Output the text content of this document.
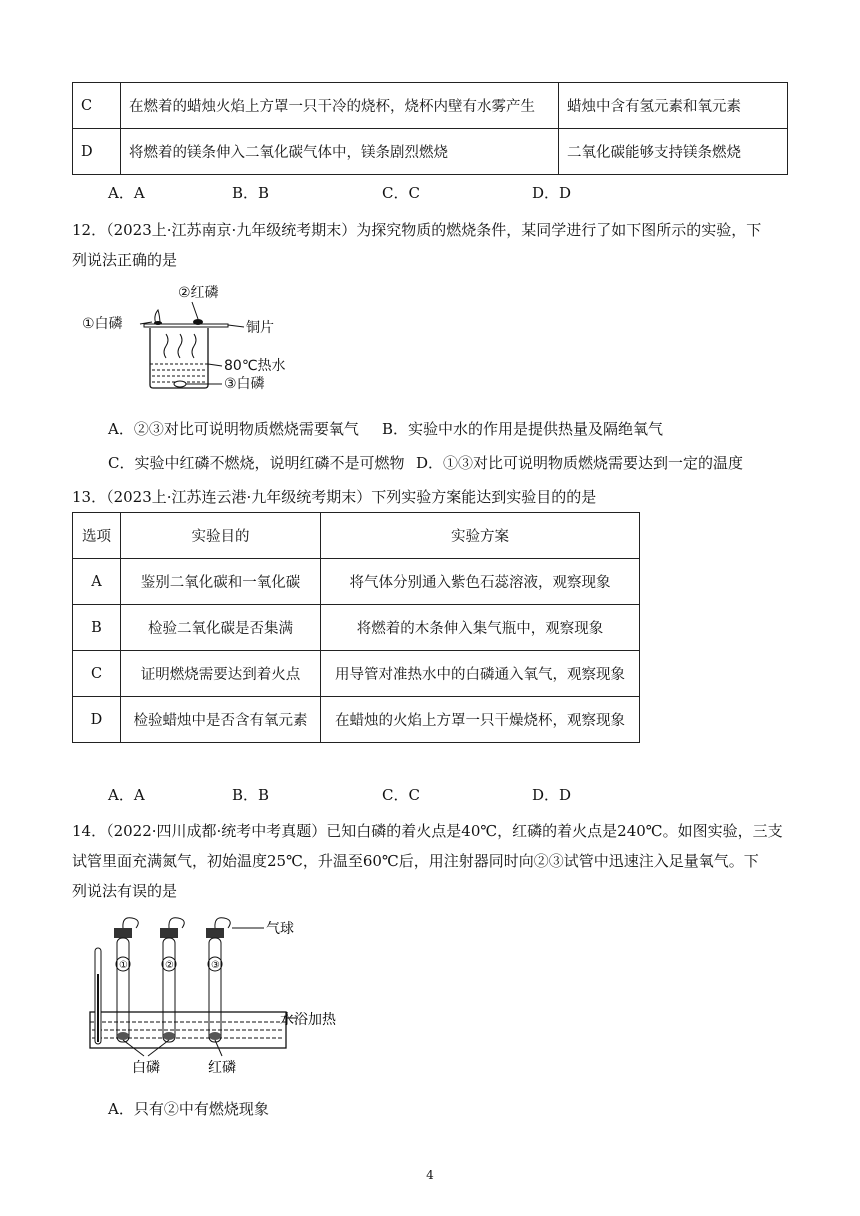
C	在燃着的蜡烛火焰上方罩一只干冷的烧杯，烧杯内壁有水雾产生	蜡烛中含有氢元素和氧元素
D	将燃着的镁条伸入二氧化碳气体中，镁条剧烈燃烧	二氧化碳能够支持镁条燃烧
A．A	B．B	C．C	D．D
12．（2023上·江苏南京·九年级统考期末）为探究物质的燃烧条件，某同学进行了如下图所示的实验，下
列说法正确的是
②红磷
①白磷	铜片
80℃热水
③白磷
A．②③对比可说明物质燃烧需要氧气 B．实验中水的作用是提供热量及隔绝氧气
C．实验中红磷不燃烧，说明红磷不是可燃物 D．①③对比可说明物质燃烧需要达到一定的温度
13．（2023上·江苏连云港·九年级统考期末）下列实验方案能达到实验目的的是
选项	实验目的	实验方案
A	鉴别二氧化碳和一氧化碳	将气体分别通入紫色石蕊溶液，观察现象
B	检验二氧化碳是否集满	将燃着的木条伸入集气瓶中，观察现象
C	证明燃烧需要达到着火点	用导管对准热水中的白磷通入氧气，观察现象
D	检验蜡烛中是否含有氧元素	在蜡烛的火焰上方罩一只干燥烧杯，观察现象
A．A	B．B	C．C	D．D
14．（2022·四川成都·统考中考真题）已知白磷的着火点是40℃，红磷的着火点是240℃。如图实验，三支
试管里面充满氮气，初始温度25℃，升温至60℃后，用注射器同时向②③试管中迅速注入足量氧气。下
列说法有误的是
①	②	③
气球
水浴加热
白磷	红磷
A．只有②中有燃烧现象
4
